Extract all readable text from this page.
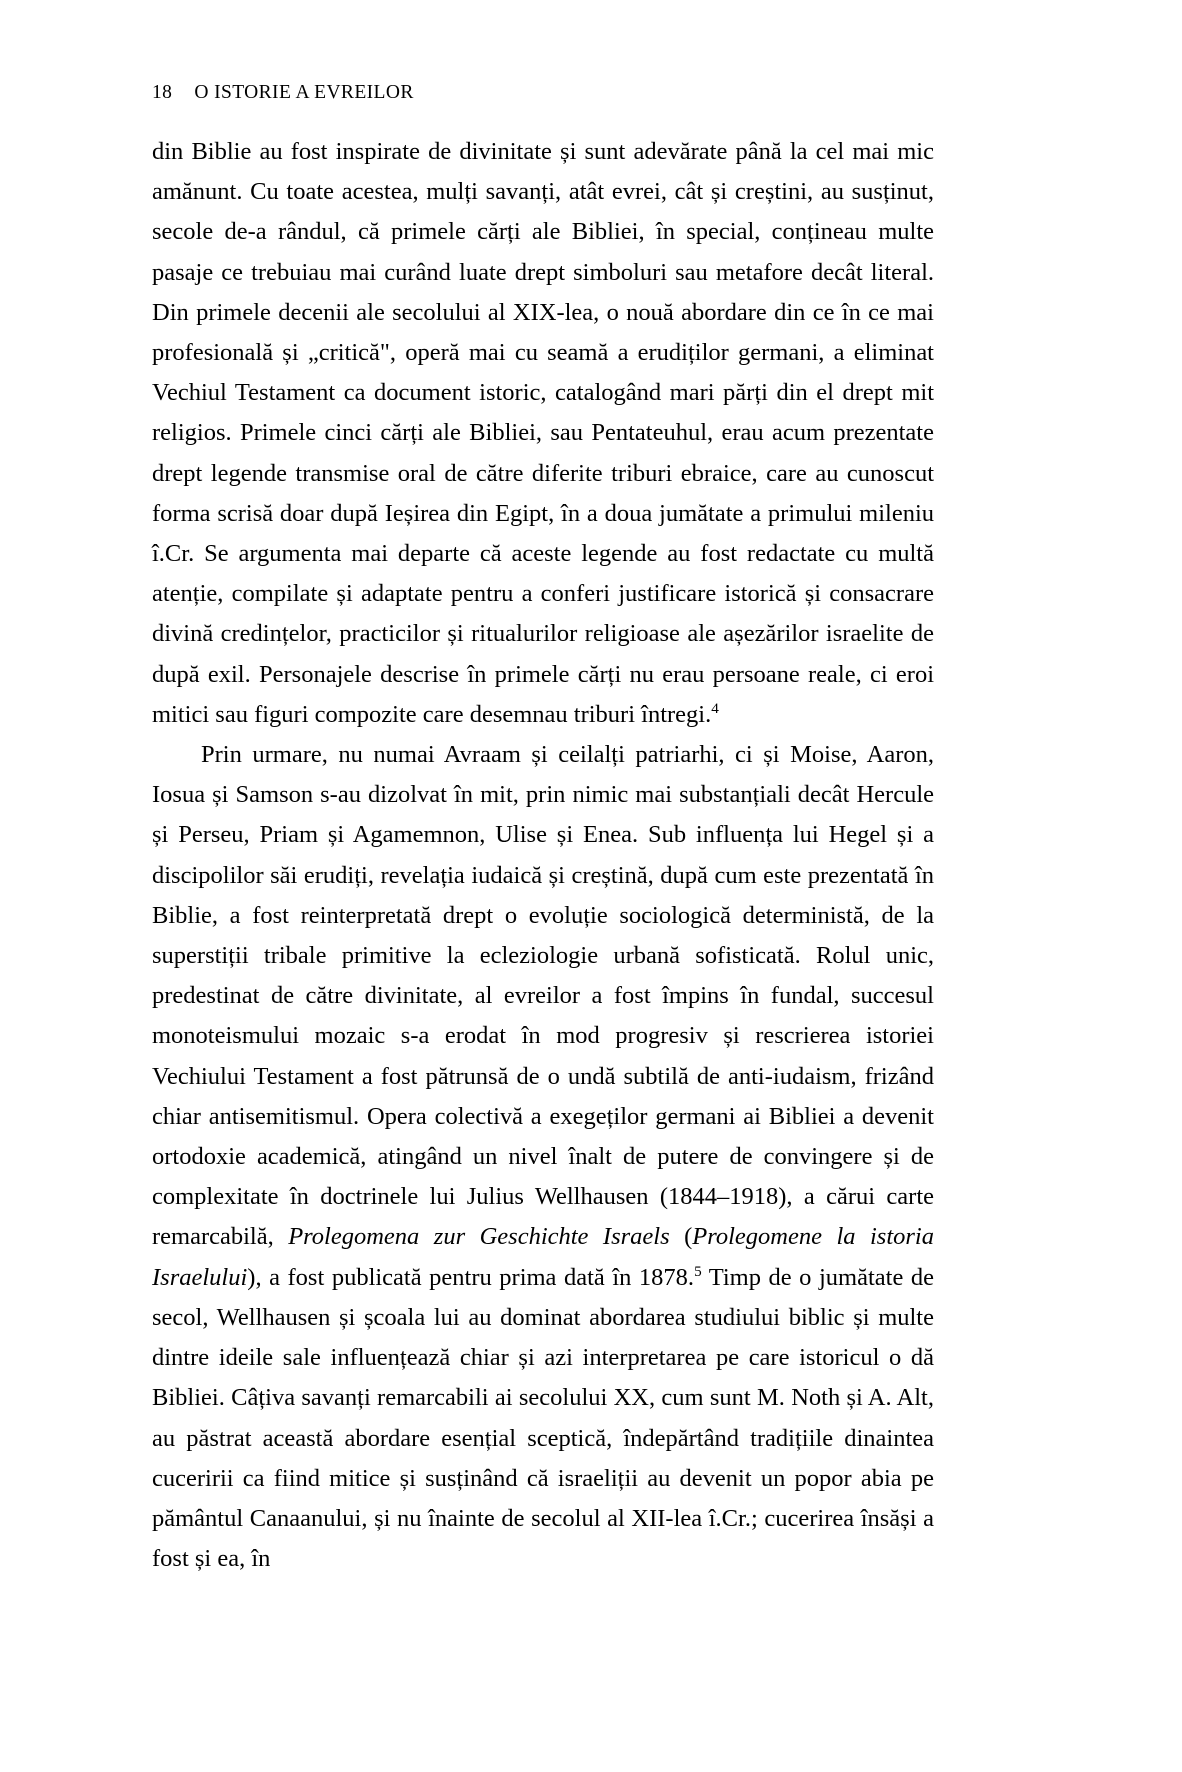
18 O ISTORIE A EVREILOR

din Biblie au fost inspirate de divinitate și sunt adevărate până la cel mai mic amănunt. Cu toate acestea, mulți savanți, atât evrei, cât și creștini, au susținut, secole de-a rândul, că primele cărți ale Bibliei, în special, conțineau multe pasaje ce trebuiau mai curând luate drept simboluri sau metafore decât literal. Din primele decenii ale secolului al XIX-lea, o nouă abordare din ce în ce mai profesională și „critică", operă mai cu seamă a erudiților germani, a eliminat Vechiul Testament ca document istoric, catalogând mari părți din el drept mit religios. Primele cinci cărți ale Bibliei, sau Pentateuhul, erau acum prezentate drept legende transmise oral de către diferite triburi ebraice, care au cunoscut forma scrisă doar după Ieșirea din Egipt, în a doua jumătate a primului mileniu î.Cr. Se argumenta mai departe că aceste legende au fost redactate cu multă atenție, compilate și adaptate pentru a conferi justificare istorică și consacrare divină credințelor, practicilor și ritualurilor religioase ale așezărilor israelite de după exil. Personajele descrise în primele cărți nu erau persoane reale, ci eroi mitici sau figuri compozite care desemnau triburi întregi.$^4$

Prin urmare, nu numai Avraam și ceilalți patriarhi, ci și Moise, Aaron, Iosua și Samson s-au dizolvat în mit, prin nimic mai substanțiali decât Hercule și Perseu, Priam și Agamemnon, Ulise și Enea. Sub influența lui Hegel și a discipolilor săi erudiți, revelația iudaică și creștină, după cum este prezentată în Biblie, a fost reinterpretată drept o evoluție sociologică deterministă, de la superstiții tribale primitive la ecleziologie urbană sofisticată. Rolul unic, predestinat de către divinitate, al evreilor a fost împins în fundal, succesul monoteismului mozaic s-a erodat în mod progresiv și rescrierea istoriei Vechiului Testament a fost pătrunsă de o undă subtilă de anti-iudaism, frizând chiar antisemitismul. Opera colectivă a exegeților germani ai Bibliei a devenit ortodoxie academică, atingând un nivel înalt de putere de convingere și de complexitate în doctrinele lui Julius Wellhausen (1844–1918), a cărui carte remarcabilă, Prolegomena zur Geschichte Israels (Prolegomene la istoria Israelului), a fost publicată pentru prima dată în 1878.$^5$ Timp de o jumătate de secol, Wellhausen și școala lui au dominat abordarea studiului biblic și multe dintre ideile sale influențează chiar și azi interpretarea pe care istoricul o dă Bibliei. Câțiva savanți remarcabili ai secolului XX, cum sunt M. Noth și A. Alt, au păstrat această abordare esențial sceptică, îndepărtând tradițiile dinaintea cuceririi ca fiind mitice și susținând că israeliții au devenit un popor abia pe pământul Canaanului, și nu înainte de secolul al XII-lea î.Cr.; cucerirea însăși a fost și ea, în
